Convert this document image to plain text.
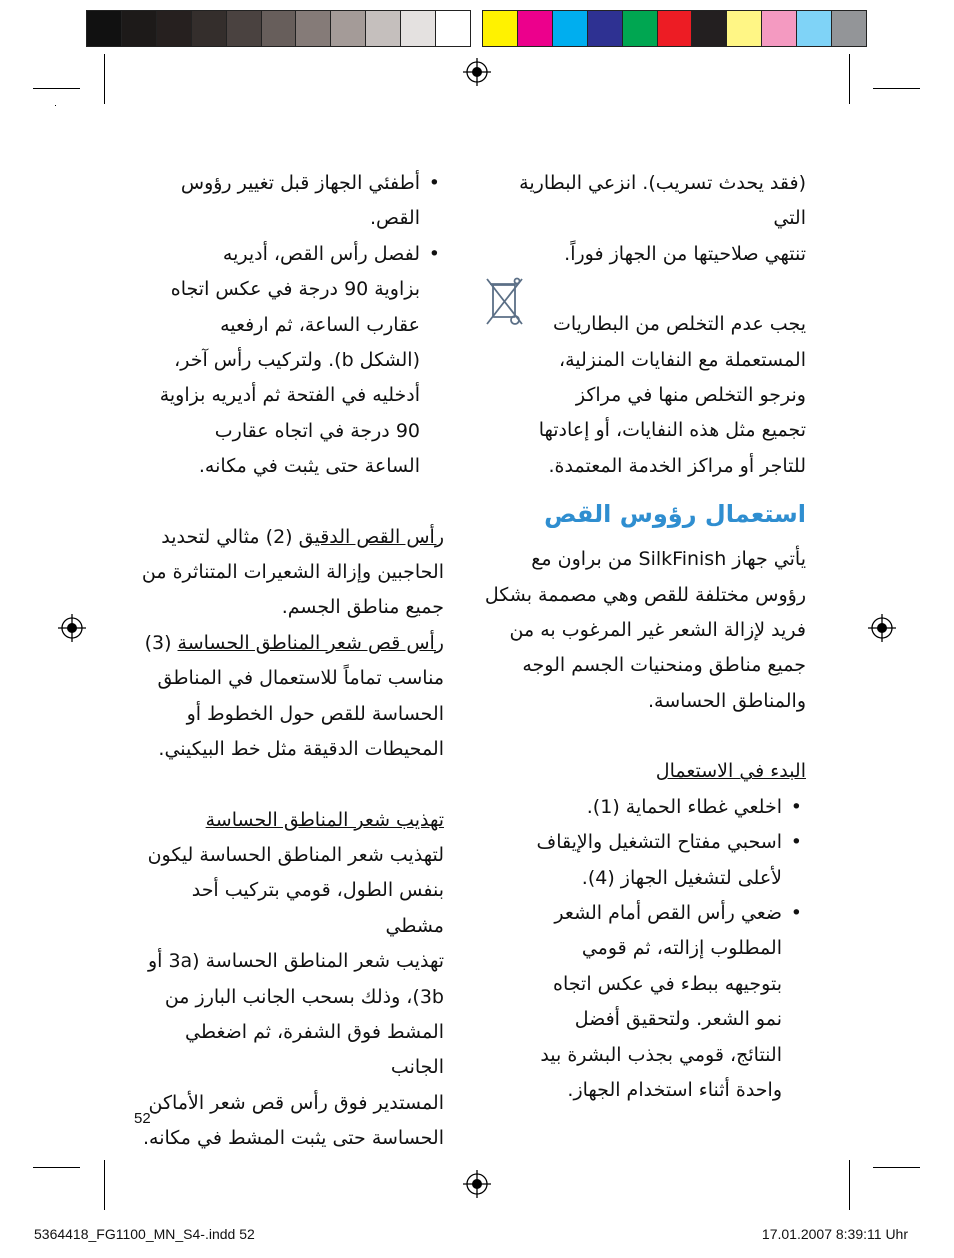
(فقد يحدث تسريب). انزعي البطارية التي

تنتهي صلاحيتها من الجهاز فوراً.

يجب عدم التخلص من البطاريات

المستعملة مع النفايات المنزلية،

ونرجو التخلص منها في مراكز

تجميع مثل هذه النفايات، أو إعادتها

للتاجر أو مراكز الخدمة المعتمدة.

استعمال رؤوس القص

يأتي جهاز SilkFinish من براون مع

رؤوس مختلفة للقص وهي مصممة بشكل

فريد لإزالة الشعر غير المرغوب به من

جميع مناطق ومنحنيات الجسم الوجه

والمناطق الحساسة.

البدء في الاستعمال

• اخلعي غطاء الحماية (1).
• اسحبي مفتاح التشغيل والإيقاف
لأعلى لتشغيل الجهاز (4).
• ضعي رأس القص أمام الشعر
المطلوب إزالته، ثم قومي
بتوجيهه ببطء في عكس اتجاه
نمو الشعر. ولتحقيق أفضل
النتائج، قومي بجذب البشرة بيد
واحدة أثناء استخدام الجهاز.
• أطفئي الجهاز قبل تغيير رؤوس
القص.
• لفصل رأس القص، أديريه
بزاوية 90 درجة في عكس اتجاه
عقارب الساعة، ثم ارفعيه
(الشكل b). ولتركيب رأس آخر،
أدخليه في الفتحة ثم أديريه بزاوية
90 درجة في اتجاه عقارب
الساعة حتى يثبت في مكانه.

رأس القص الدقيق (2) مثالي لتحديد

الحاجبين وإزالة الشعيرات المتناثرة من

جميع مناطق الجسم.

رأس قص شعر المناطق الحساسة (3)

مناسب تماماً للاستعمال في المناطق

الحساسة للقص حول الخطوط أو

المحيطات الدقيقة مثل خط البيكيني.

تهذيب شعر المناطق الحساسة

لتهذيب شعر المناطق الحساسة ليكون

بنفس الطول، قومي بتركيب أحد مشطي

تهذيب شعر المناطق الحساسة (3a أو

3b)، وذلك بسحب الجانب البارز من

المشط فوق الشفرة، ثم اضغطي الجانب

المستدير فوق رأس قص شعر الأماكن

الحساسة حتى يثبت المشط في مكانه.

52
5364418_FG1100_MN_S4-.indd 52	17.01.2007 8:39:11 Uhr
